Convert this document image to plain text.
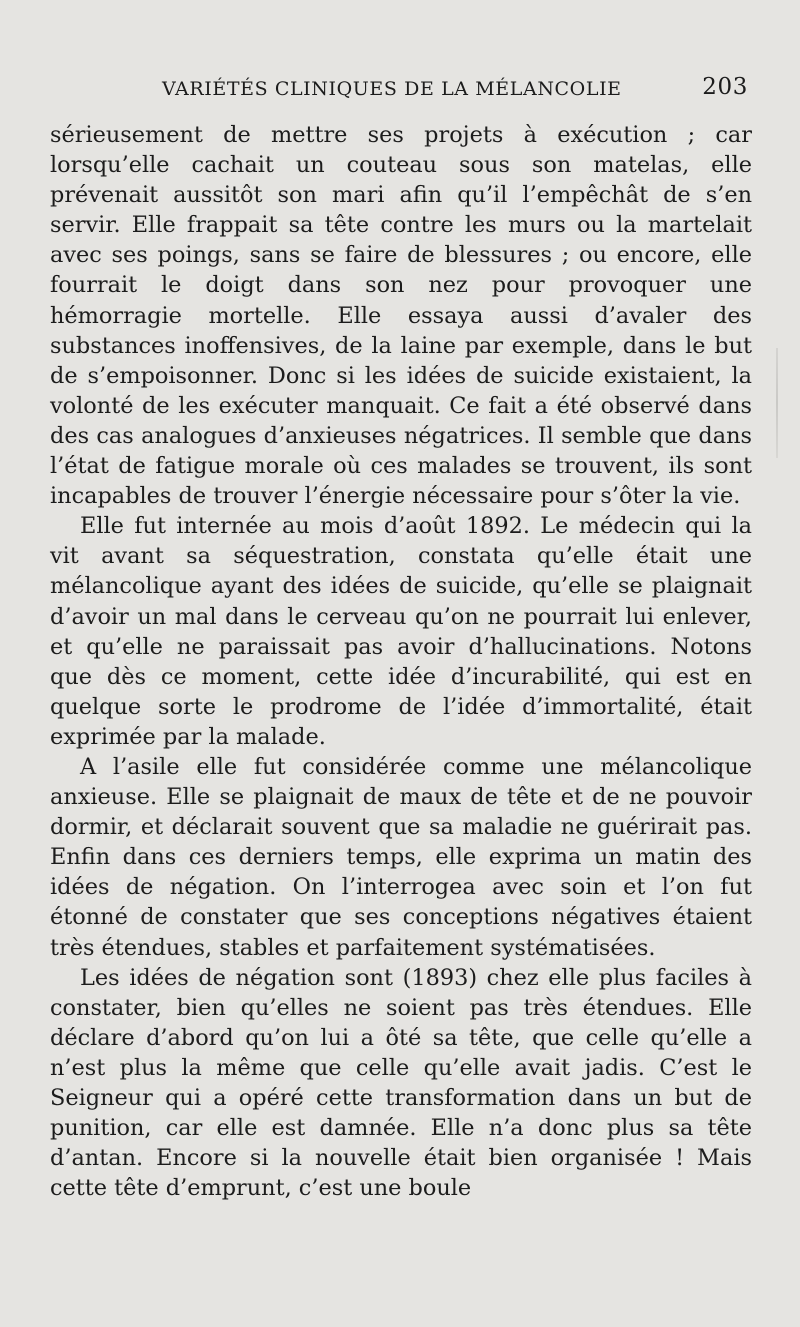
VARIÉTÉS CLINIQUES DE LA MÉLANCOLIE	203

sérieusement de mettre ses projets à exécution ; car lorsqu’elle cachait un couteau sous son matelas, elle prévenait aussitôt son mari afin qu’il l’empêchât de s’en servir. Elle frappait sa tête contre les murs ou la martelait avec ses poings, sans se faire de blessures ; ou encore, elle fourrait le doigt dans son nez pour provoquer une hémorragie mortelle. Elle essaya aussi d’avaler des substances inoffensives, de la laine par exemple, dans le but de s’empoisonner. Donc si les idées de suicide existaient, la volonté de les exécuter manquait. Ce fait a été observé dans des cas analogues d’anxieuses négatrices. Il semble que dans l’état de fatigue morale où ces malades se trouvent, ils sont incapables de trouver l’énergie nécessaire pour s’ôter la vie.

Elle fut internée au mois d’août 1892. Le médecin qui la vit avant sa séquestration, constata qu’elle était une mélancolique ayant des idées de suicide, qu’elle se plaignait d’avoir un mal dans le cerveau qu’on ne pourrait lui enlever, et qu’elle ne paraissait pas avoir d’hallucinations. Notons que dès ce moment, cette idée d’incurabilité, qui est en quelque sorte le prodrome de l’idée d’immortalité, était exprimée par la malade.

A l’asile elle fut considérée comme une mélancolique anxieuse. Elle se plaignait de maux de tête et de ne pouvoir dormir, et déclarait souvent que sa maladie ne guérirait pas. Enfin dans ces derniers temps, elle exprima un matin des idées de négation. On l’interrogea avec soin et l’on fut étonné de constater que ses conceptions négatives étaient très étendues, stables et parfaitement systématisées.

Les idées de négation sont (1893) chez elle plus faciles à constater, bien qu’elles ne soient pas très étendues. Elle déclare d’abord qu’on lui a ôté sa tête, que celle qu’elle a n’est plus la même que celle qu’elle avait jadis. C’est le Seigneur qui a opéré cette transformation dans un but de punition, car elle est damnée. Elle n’a donc plus sa tête d’antan. Encore si la nouvelle était bien organisée ! Mais cette tête d’emprunt, c’est une boule
